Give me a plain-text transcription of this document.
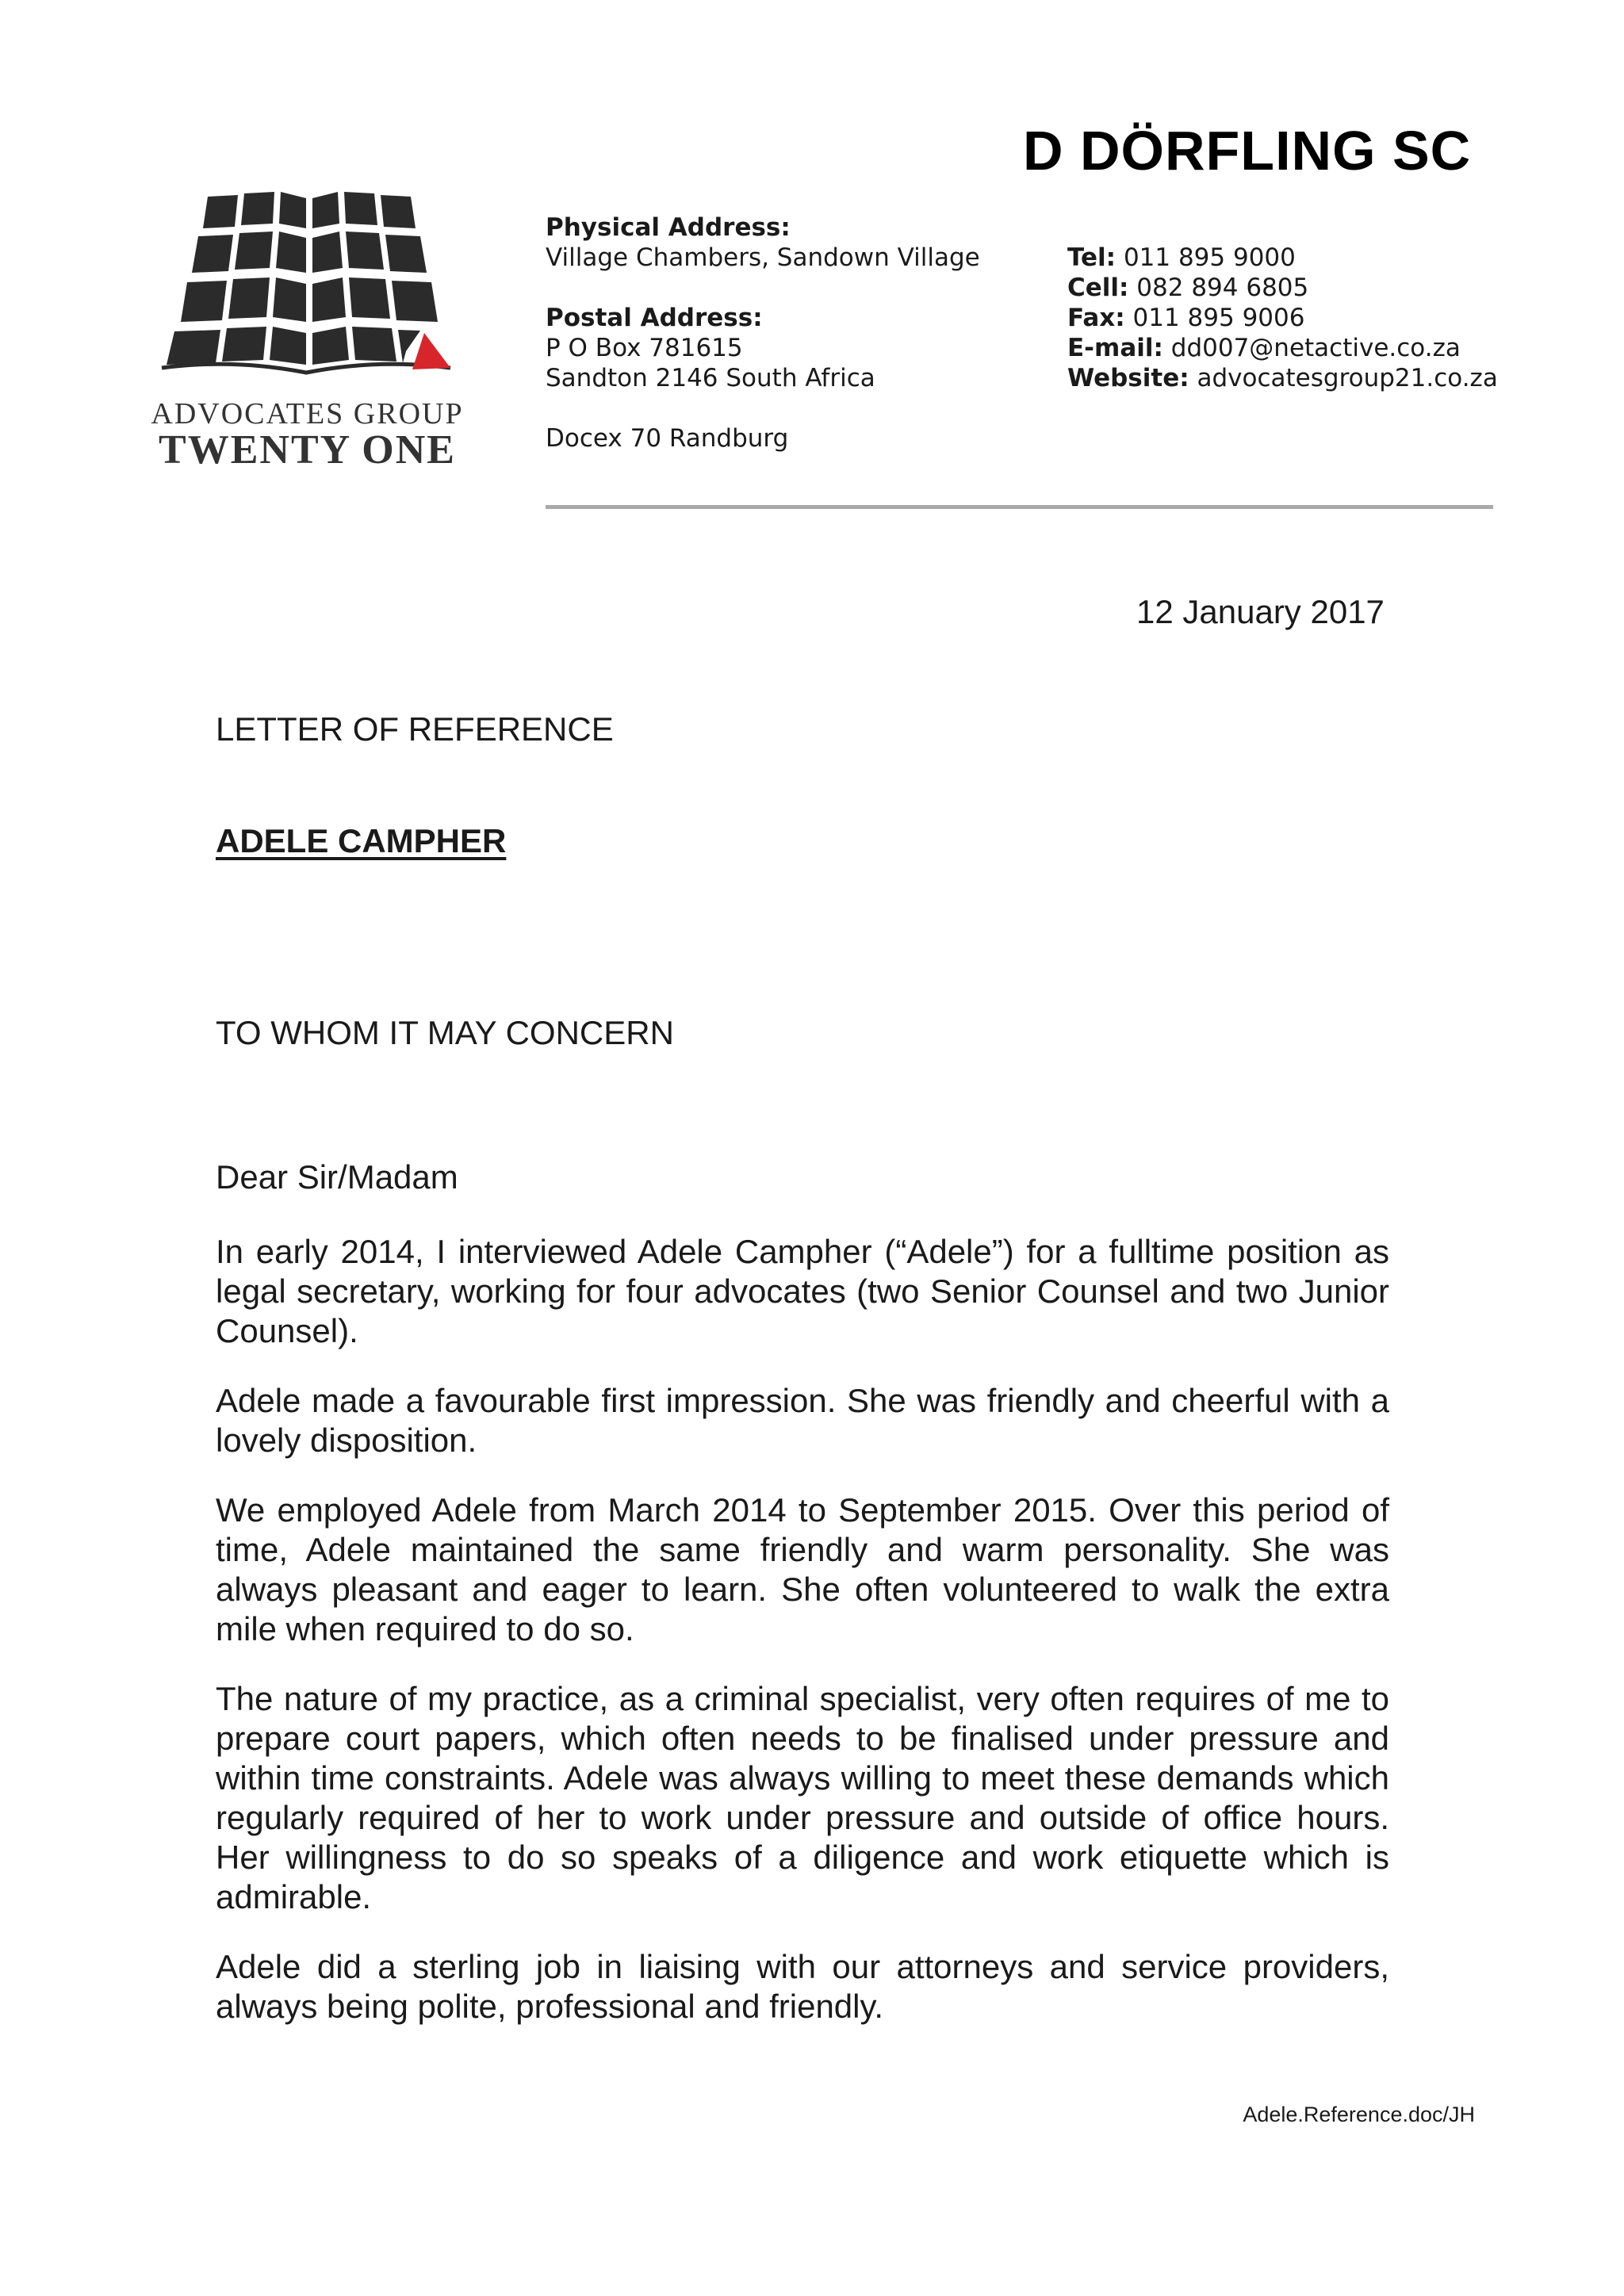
D DÖRFLING SC
ADVOCATES GROUP
TWENTY ONE
Physical Address:
Village Chambers, Sandown Village
Postal Address:
P O Box 781615
Sandton 2146 South Africa
Docex 70 Randburg
Tel: 011 895 9000
Cell: 082 894 6805
Fax: 011 895 9006
E-mail: dd007@netactive.co.za
Website: advocatesgroup21.co.za
12 January 2017
LETTER OF REFERENCE
ADELE CAMPHER
TO WHOM IT MAY CONCERN
Dear Sir/Madam

In early 2014, I interviewed Adele Campher (“Adele”) for a fulltime position as legal secretary, working for four advocates (two Senior Counsel and two Junior Counsel).

Adele made a favourable first impression. She was friendly and cheerful with a lovely disposition.

We employed Adele from March 2014 to September 2015. Over this period of time, Adele maintained the same friendly and warm personality. She was always pleasant and eager to learn. She often volunteered to walk the extra mile when required to do so.

The nature of my practice, as a criminal specialist, very often requires of me to prepare court papers, which often needs to be finalised under pressure and within time constraints. Adele was always willing to meet these demands which regularly required of her to work under pressure and outside of office hours. Her willingness to do so speaks of a diligence and work etiquette which is admirable.

Adele did a sterling job in liaising with our attorneys and service providers, always being polite, professional and friendly.

Adele.Reference.doc/JH
